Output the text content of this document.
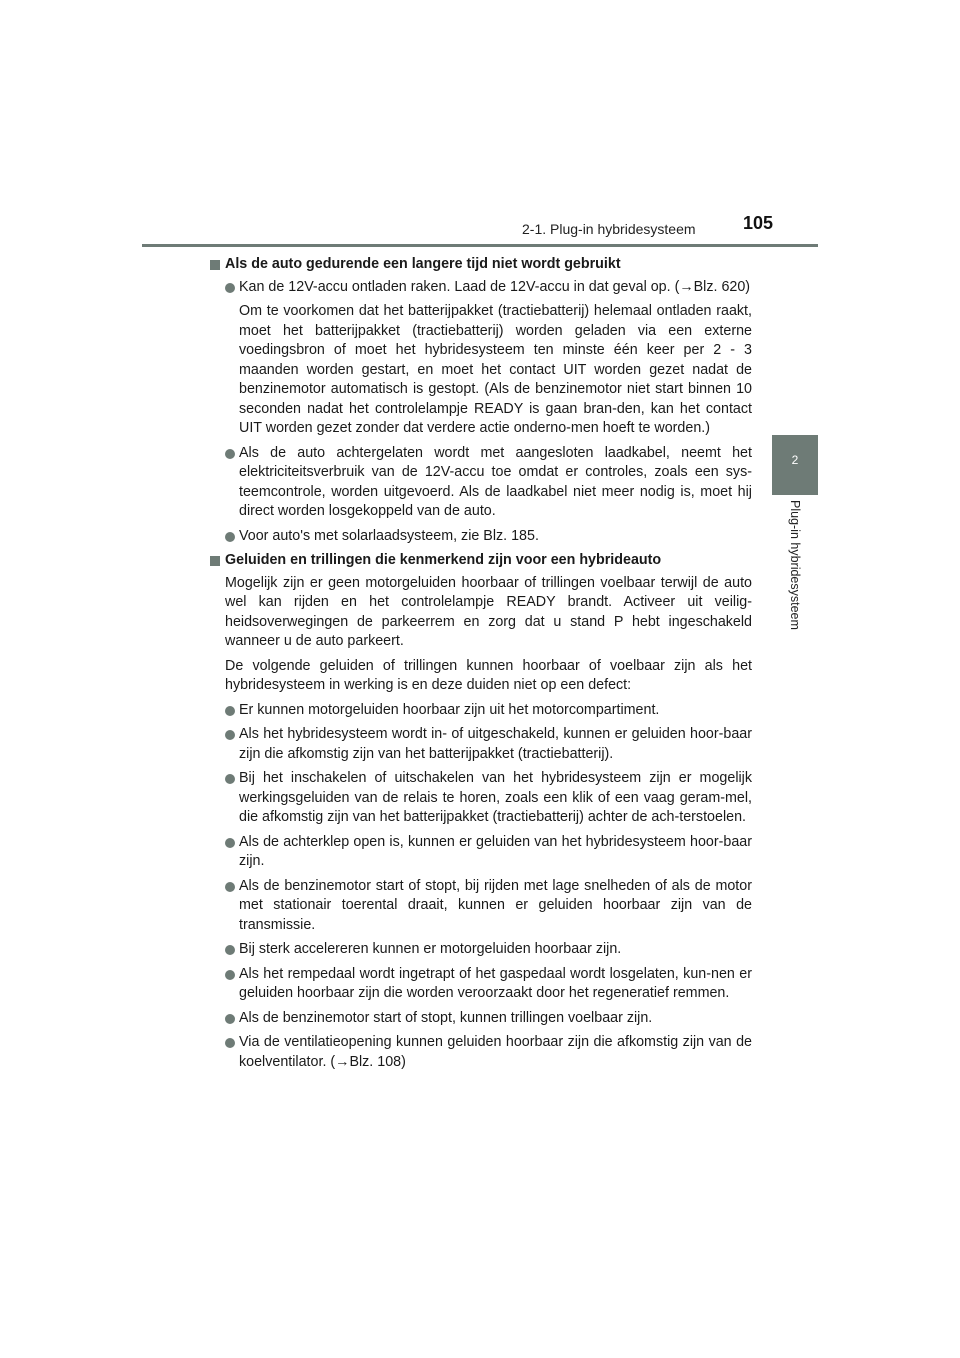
2-1. Plug-in hybridesysteem	105
2
Plug-in hybridesysteem
Als de auto gedurende een langere tijd niet wordt gebruikt
Kan de 12V-accu ontladen raken. Laad de 12V-accu in dat geval op. (→Blz. 620)
Om te voorkomen dat het batterijpakket (tractiebatterij) helemaal ontladen raakt, moet het batterijpakket (tractiebatterij) worden geladen via een externe voedingsbron of moet het hybridesysteem ten minste één keer per 2 - 3 maanden worden gestart, en moet het contact UIT worden gezet nadat de benzinemotor automatisch is gestopt. (Als de benzinemotor niet start binnen 10 seconden nadat het controlelampje READY is gaan bran-den, kan het contact UIT worden gezet zonder dat verdere actie onderno-men hoeft te worden.)
Als de auto achtergelaten wordt met aangesloten laadkabel, neemt het elektriciteitsverbruik van de 12V-accu toe omdat er controles, zoals een sys-teemcontrole, worden uitgevoerd. Als de laadkabel niet meer nodig is, moet hij direct worden losgekoppeld van de auto.
Voor auto's met solarlaadsysteem, zie Blz. 185.
Geluiden en trillingen die kenmerkend zijn voor een hybrideauto
Mogelijk zijn er geen motorgeluiden hoorbaar of trillingen voelbaar terwijl de auto wel kan rijden en het controlelampje READY brandt. Activeer uit veilig-heidsoverwegingen de parkeerrem en zorg dat u stand P hebt ingeschakeld wanneer u de auto parkeert.
De volgende geluiden of trillingen kunnen hoorbaar of voelbaar zijn als het hybridesysteem in werking is en deze duiden niet op een defect:
Er kunnen motorgeluiden hoorbaar zijn uit het motorcompartiment.
Als het hybridesysteem wordt in- of uitgeschakeld, kunnen er geluiden hoor-baar zijn die afkomstig zijn van het batterijpakket (tractiebatterij).
Bij het inschakelen of uitschakelen van het hybridesysteem zijn er mogelijk werkingsgeluiden van de relais te horen, zoals een klik of een vaag geram-mel, die afkomstig zijn van het batterijpakket (tractiebatterij) achter de ach-terstoelen.
Als de achterklep open is, kunnen er geluiden van het hybridesysteem hoor-baar zijn.
Als de benzinemotor start of stopt, bij rijden met lage snelheden of als de motor met stationair toerental draait, kunnen er geluiden hoorbaar zijn van de transmissie.
Bij sterk accelereren kunnen er motorgeluiden hoorbaar zijn.
Als het rempedaal wordt ingetrapt of het gaspedaal wordt losgelaten, kun-nen er geluiden hoorbaar zijn die worden veroorzaakt door het regeneratief remmen.
Als de benzinemotor start of stopt, kunnen trillingen voelbaar zijn.
Via de ventilatieopening kunnen geluiden hoorbaar zijn die afkomstig zijn van de koelventilator. (→Blz. 108)
